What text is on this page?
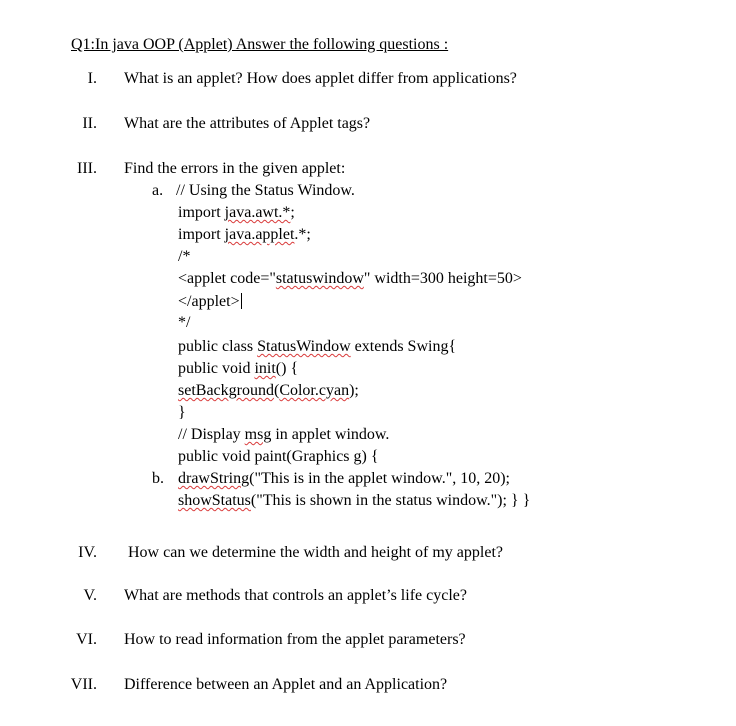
Q1:In java OOP (Applet) Answer the following questions :
I. What is an applet? How does applet differ from applications?
II. What are the attributes of Applet tags?
III. Find the errors in the given applet:
a. // Using the Status Window.
import java.awt.*;
import java.applet.*;
/*
<applet code="statuswindow" width=300 height=50>
</applet>
*/
public class StatusWindow extends Swing{
public void init() {
setBackground(Color.cyan);
}
// Display msg in applet window.
public void paint(Graphics g) {
b. drawString("This is in the applet window.", 10, 20);
showStatus("This is shown in the status window."); } }
IV. How can we determine the width and height of my applet?
V. What are methods that controls an applet’s life cycle?
VI. How to read information from the applet parameters?
VII. Difference between an Applet and an Application?
